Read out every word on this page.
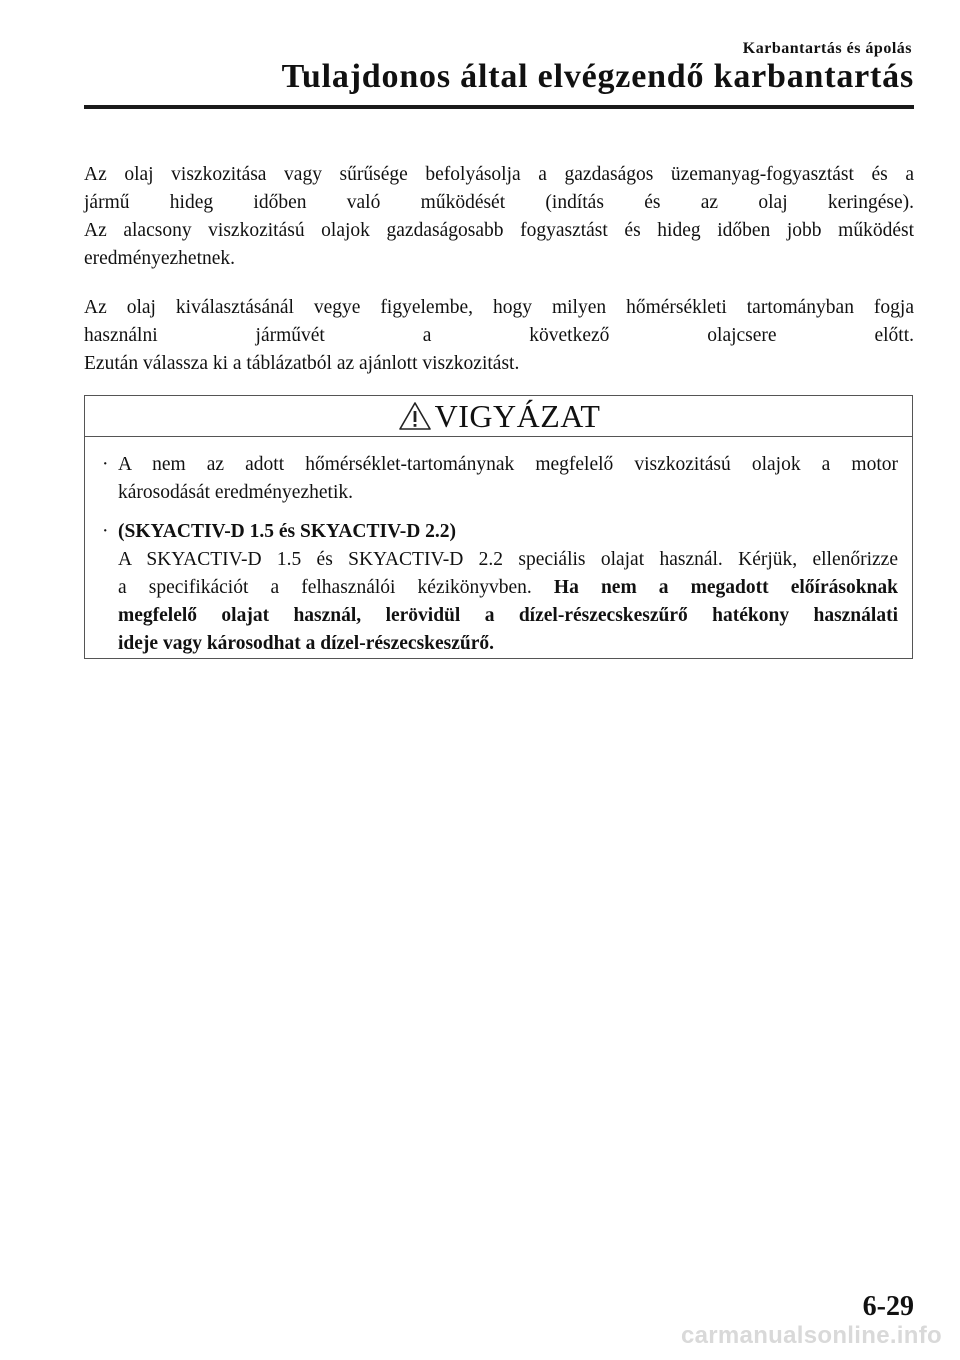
Karbantartás és ápolás
Tulajdonos által elvégzendő karbantartás

Az olaj viszkozitása vagy sűrűsége befolyásolja a gazdaságos üzemanyag-fogyasztást és a

jármű hideg időben való működését (indítás és az olaj keringése).

Az alacsony viszkozitású olajok gazdaságosabb fogyasztást és hideg időben jobb működést

eredményezhetnek.

Az olaj kiválasztásánál vegye figyelembe, hogy milyen hőmérsékleti tartományban fogja

használni járművét a következő olajcsere előtt.

Ezután válassza ki a táblázatból az ajánlott viszkozitást.

VIGYÁZAT
· A nem az adott hőmérséklet-tartománynak megfelelő viszkozitású olajok a motor
károsodását eredményezhetik.
· (SKYACTIV-D 1.5 és SKYACTIV-D 2.2)
A SKYACTIV-D 1.5 és SKYACTIV-D 2.2 speciális olajat használ. Kérjük, ellenőrizze
a specifikációt a felhasználói kézikönyvben. Ha nem a megadott előírásoknak
megfelelő olajat használ, lerövidül a dízel-részecskeszűrő hatékony használati
ideje vagy károsodhat a dízel-részecskeszűrő.
6-29
carmanualsonline.info
